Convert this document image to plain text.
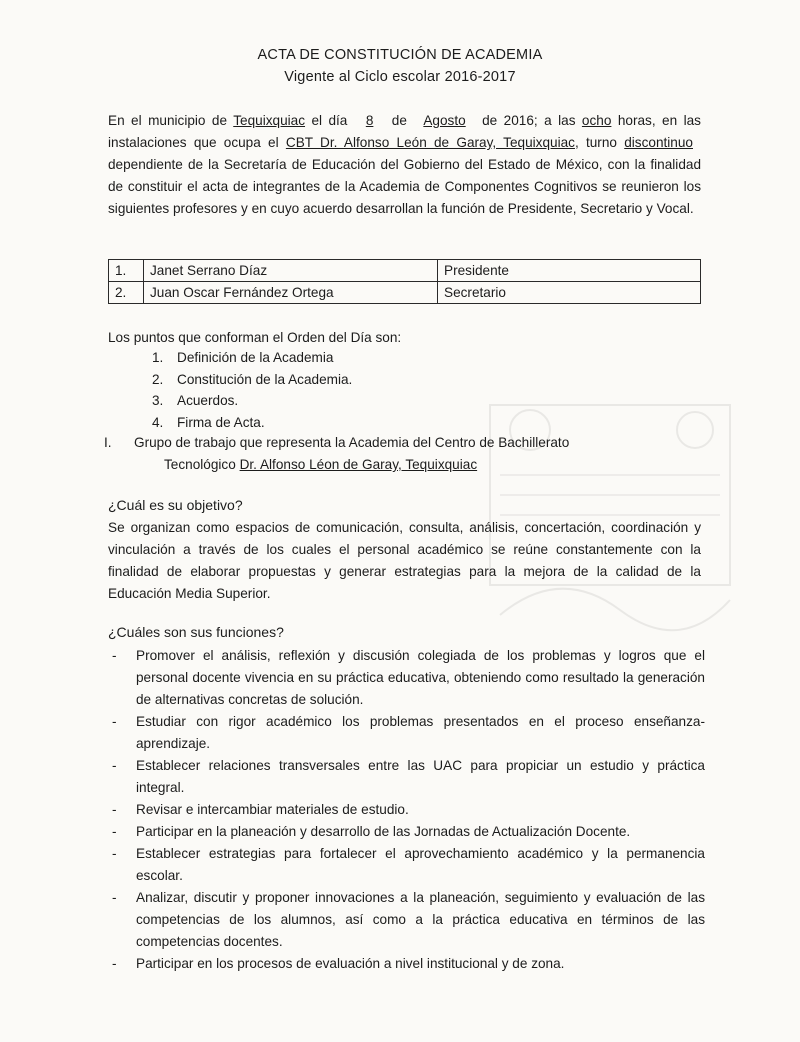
ACTA DE CONSTITUCIÓN DE ACADEMIA
Vigente al Ciclo escolar 2016-2017
En el municipio de Tequixquiac el día 8 de Agosto de 2016; a las ocho horas, en las instalaciones que ocupa el CBT Dr. Alfonso León de Garay, Tequixquiac, turno discontinuo dependiente de la Secretaría de Educación del Gobierno del Estado de México, con la finalidad de constituir el acta de integrantes de la Academia de Componentes Cognitivos se reunieron los siguientes profesores y en cuyo acuerdo desarrollan la función de Presidente, Secretario y Vocal.
1.	Janet Serrano Díaz	Presidente
2.	Juan Oscar Fernández Ortega	Secretario
Los puntos que conforman el Orden del Día son:
1. Definición de la Academia
2. Constitución de la Academia.
3. Acuerdos.
4. Firma de Acta.
I. Grupo de trabajo que representa la Academia del Centro de Bachillerato
Tecnológico Dr. Alfonso Léon de Garay, Tequixquiac
¿Cuál es su objetivo?
Se organizan como espacios de comunicación, consulta, análisis, concertación, coordinación y vinculación a través de los cuales el personal académico se reúne constantemente con la finalidad de elaborar propuestas y generar estrategias para la mejora de la calidad de la Educación Media Superior.
¿Cuáles son sus funciones?
- Promover el análisis, reflexión y discusión colegiada de los problemas y logros que el personal docente vivencia en su práctica educativa, obteniendo como resultado la generación de alternativas concretas de solución.
- Estudiar con rigor académico los problemas presentados en el proceso enseñanza-aprendizaje.
- Establecer relaciones transversales entre las UAC para propiciar un estudio y práctica integral.
- Revisar e intercambiar materiales de estudio.
- Participar en la planeación y desarrollo de las Jornadas de Actualización Docente.
- Establecer estrategias para fortalecer el aprovechamiento académico y la permanencia escolar.
- Analizar, discutir y proponer innovaciones a la planeación, seguimiento y evaluación de las competencias de los alumnos, así como a la práctica educativa en términos de las competencias docentes.
- Participar en los procesos de evaluación a nivel institucional y de zona.
